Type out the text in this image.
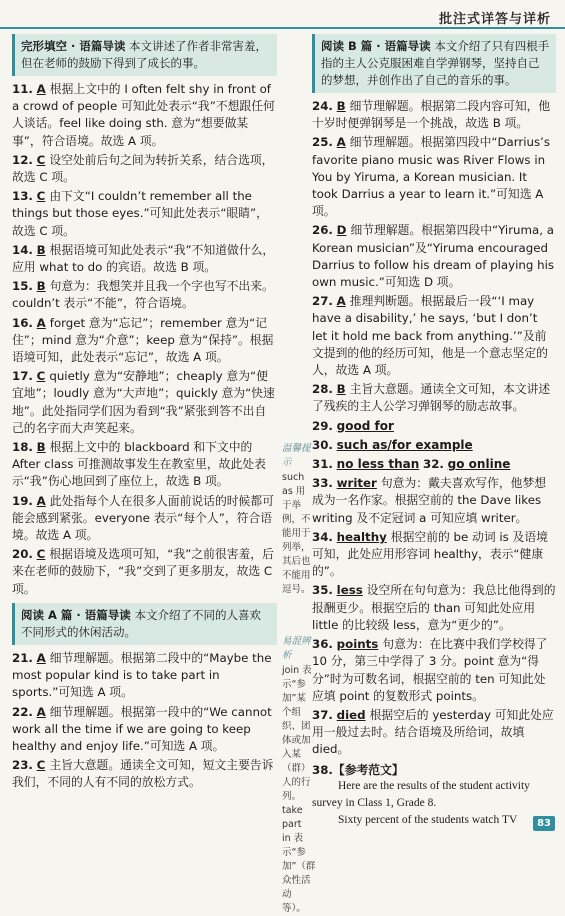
批注式详答与详析
完形填空 · 语篇导读 本文讲述了作者非常害羞，但在老师的鼓励下得到了成长的事。
11. A 根据上文中的 I often felt shy in front of a crowd of people 可知此处表示“我”不想跟任何人谈话。feel like doing sth. 意为“想要做某事”，符合语境。故选 A 项。
12. C 设空处前后句之间为转折关系，结合选项，故选 C 项。
13. C 由下文“I couldn’t remember all the things but those eyes.”可知此处表示“眼睛”，故选 C 项。
14. B 根据语境可知此处表示“我”不知道做什么，应用 what to do 的宾语。故选 B 项。
15. B 句意为：我想笑并且我一个字也写不出来。couldn’t 表示“不能”，符合语境。
16. A forget 意为“忘记”；remember 意为“记住”；mind 意为“介意”；keep 意为“保持”。根据语境可知，此处表示“忘记”，故选 A 项。
17. C quietly 意为“安静地”；cheaply 意为“便宜地”；loudly 意为“大声地”；quickly 意为“快速地”。此处指同学们因为看到“我”紧张到答不出自己的名字而大声笑起来。
18. B 根据上文中的 blackboard 和下文中的 After class 可推测故事发生在教室里，故此处表示“我”伤心地回到了座位上，故选 B 项。
19. A 此处指每个人在很多人面前说话的时候都可能会感到紧张。everyone 表示“每个人”，符合语境。故选 A 项。
20. C 根据语境及选项可知，“我”之前很害羞，后来在老师的鼓励下，“我”交到了更多朋友，故选 C 项。
阅读 A 篇 · 语篇导读 本文介绍了不同的人喜欢不同形式的休闲活动。
21. A 细节理解题。根据第二段中的“Maybe the most popular kind is to take part in sports.”可知选 A 项。
22. A 细节理解题。根据第一段中的“We cannot work all the time if we are going to keep healthy and enjoy life.”可知选 A 项。
23. C 主旨大意题。通读全文可知，短文主要告诉我们，不同的人有不同的放松方式。
温馨提示
such as 用于举例，不能用于列举，其后也不能用逗号。
易混辨析
join 表示“参加”某个组织、团体或加入某（群）人的行列。take part in 表示“参加”（群众性活动等）。
阅读 B 篇 · 语篇导读 本文介绍了只有四根手指的主人公克服困难自学弹钢琴，坚持自己的梦想，并创作出了自己的音乐的事。
24. B 细节理解题。根据第二段内容可知，他十岁时便弹钢琴是一个挑战，故选 B 项。
25. A 细节理解题。根据第四段中“Darrius’s favorite piano music was River Flows in You by Yiruma, a Korean musician. It took Darrius a year to learn it.”可知选 A 项。
26. D 细节理解题。根据第四段中“Yiruma, a Korean musician”及“Yiruma encouraged Darrius to follow his dream of playing his own music.”可知选 D 项。
27. A 推理判断题。根据最后一段“‘I may have a disability,’ he says, ‘but I don’t let it hold me back from anything.’”及前文提到的他的经历可知，他是一个意志坚定的人，故选 A 项。
28. B 主旨大意题。通读全文可知，本文讲述了残疾的主人公学习弹钢琴的励志故事。
29. good for
30. such as/for example
31. no less than 32. go online
33. writer 句意为：戴夫喜欢写作，他梦想成为一名作家。根据空前的 the Dave likes writing 及不定冠词 a 可知应填 writer。
34. healthy 根据空前的 be 动词 is 及语境可知，此处应用形容词 healthy，表示“健康的”。
35. less 设空所在句句意为：我总比他得到的报酬更少。根据空后的 than 可知此处应用 little 的比较级 less，意为“更少的”。
36. points 句意为：在比赛中我们学校得了 10 分，第三中学得了 3 分。point 意为“得分”时为可数名词，根据空前的 ten 可知此处应填 point 的复数形式 points。
37. died 根据空后的 yesterday 可知此处应用一般过去时。结合语境及所给词，故填 died。
38.【参考范文】
Here are the results of the student activity survey in Class 1, Grade 8.
Sixty percent of the students watch TV	83
